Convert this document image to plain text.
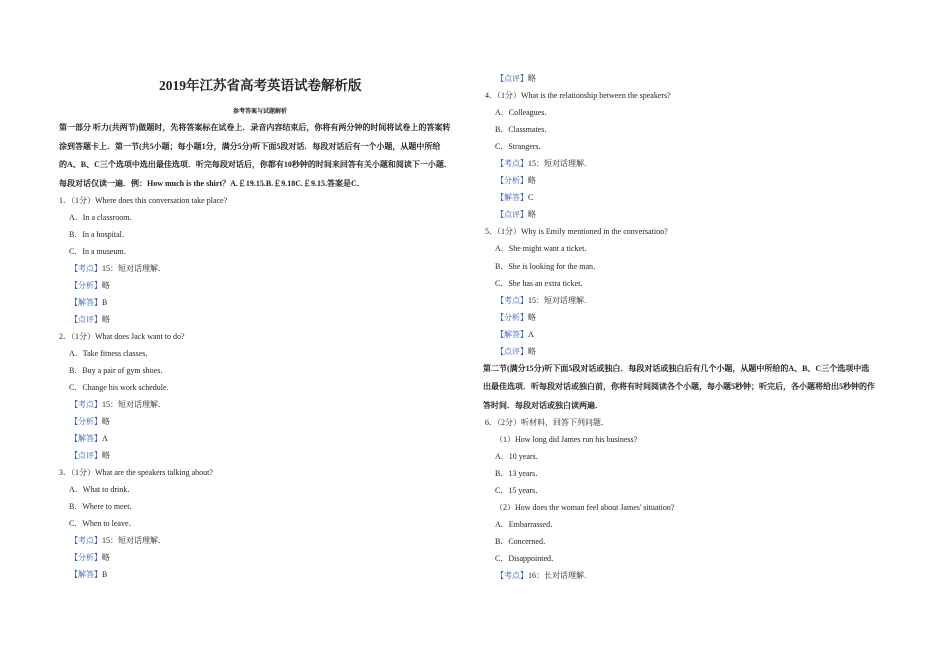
2019年江苏省高考英语试卷解析版
参考答案与试题解析
第一部分 听力(共两节)做题时，先将答案标在试卷上．录音内容结束后，你将有两分钟的时间将试卷上的答案转
涂到答题卡上．第一节(共5小题；每小题1分，满分5分)听下面5段对话．每段对话后有一个小题，从题中所给
的A、B、C三个选项中选出最佳选项．听完每段对话后，你都有10秒钟的时间来回答有关小题和阅读下一小题．
每段对话仅读一遍．例：How much is the shirt？A.￡19.15.B.￡9.18C.￡9.15.答案是C．
1．（1分）Where does this conversation take place?
A．In a classroom．
B．In a hospital．
C．In a museum．
【考点】15：短对话理解．
【分析】略
【解答】B
【点评】略
2．（1分）What does Jack want to do?
A．Take fitness classes．
B．Buy a pair of gym shoes．
C．Change his work schedule．
【考点】15：短对话理解．
【分析】略
【解答】A
【点评】略
3．（1分）What are the speakers talking about?
A．What to drink．
B．Where to meet．
C．When to leave．
【考点】15：短对话理解．
【分析】略
【解答】B
【点评】略
4．（1分）What is the relationship between the speakers?
A．Colleagues．
B．Classmates．
C．Strangers．
【考点】15：短对话理解．
【分析】略
【解答】C
【点评】略
5．（1分）Why is Emily mentioned in the conversation?
A．She might want a ticket．
B．She is looking for the man．
C．She has an extra ticket．
【考点】15：短对话理解．
【分析】略
【解答】A
【点评】略
第二节(满分15分)听下面5段对话或独白．每段对话或独白后有几个小题，从题中所给的A、B、C三个选项中选
出最佳选项．听每段对话或独白前，你将有时间阅读各个小题，每小题5秒钟；听完后，各小题将给出5秒钟的作
答时间．每段对话或独白读两遍．
6．（2分）听材料，回答下列问题．
（1）How long did James run his business?
A．10 years．
B．13 years．
C．15 years．
（2）How does the woman feel about James' situation?
A．Embarrassed．
B．Concerned．
C．Disappointed．
【考点】16：长对话理解．
